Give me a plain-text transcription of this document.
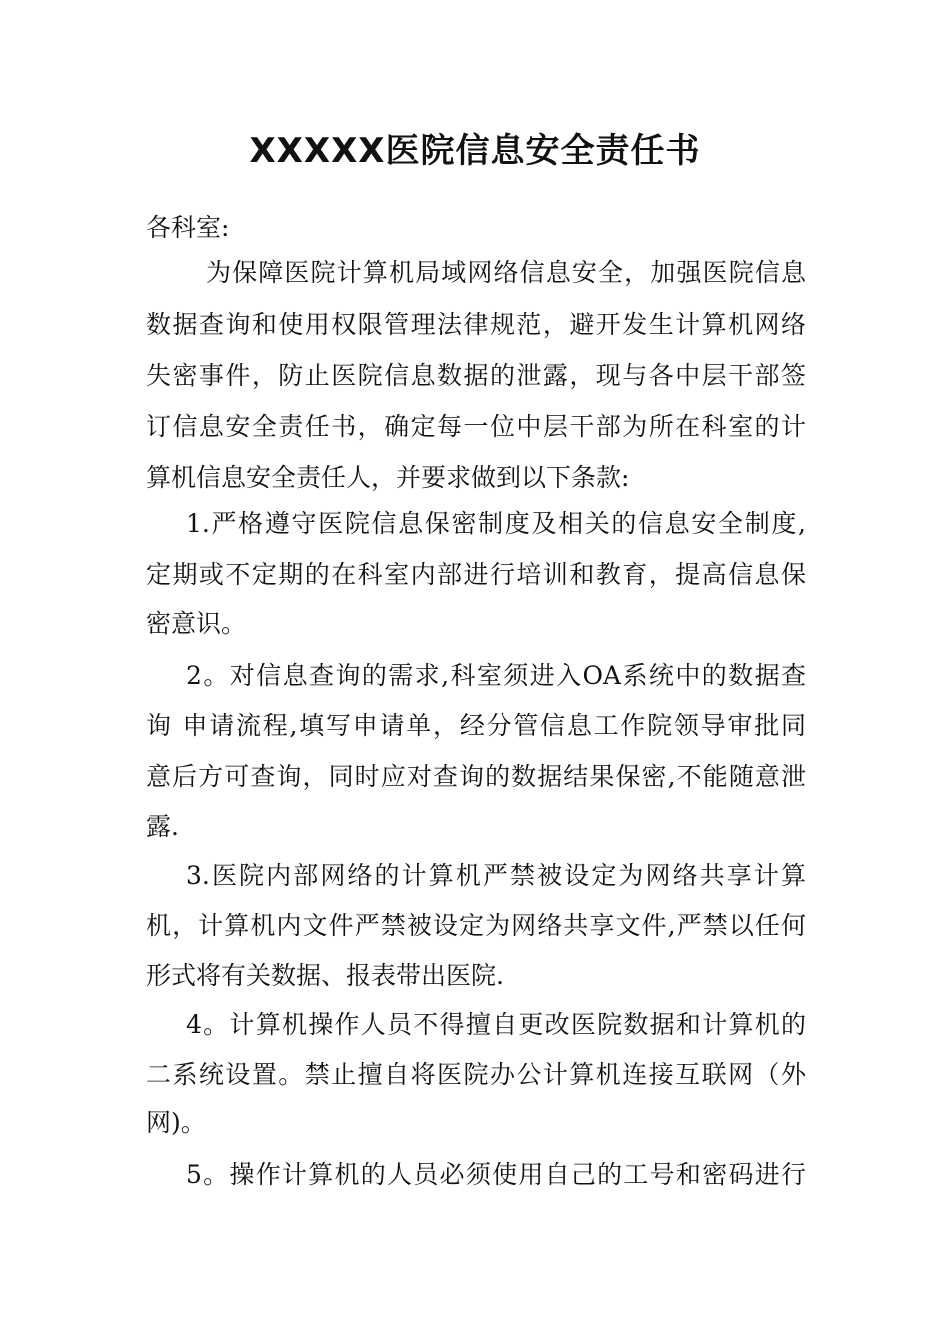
XXXXX医院信息安全责任书

各科室:

为保障医院计算机局域网络信息安全，加强医院信息

数据查询和使用权限管理法律规范，避开发生计算机网络

失密事件，防止医院信息数据的泄露，现与各中层干部签

订信息安全责任书，确定每一位中层干部为所在科室的计

算机信息安全责任人，并要求做到以下条款:

1.严格遵守医院信息保密制度及相关的信息安全制度,

定期或不定期的在科室内部进行培训和教育，提高信息保

密意识。

2。对信息查询的需求,科室须进入OA系统中的数据查

询 申请流程,填写申请单，经分管信息工作院领导审批同

意后方可查询，同时应对查询的数据结果保密,不能随意泄

露.

3.医院内部网络的计算机严禁被设定为网络共享计算

机，计算机内文件严禁被设定为网络共享文件,严禁以任何

形式将有关数据、报表带出医院.

4。计算机操作人员不得擅自更改医院数据和计算机的

二系统设置。禁止擅自将医院办公计算机连接互联网（外

网)。

5。操作计算机的人员必须使用自己的工号和密码进行
